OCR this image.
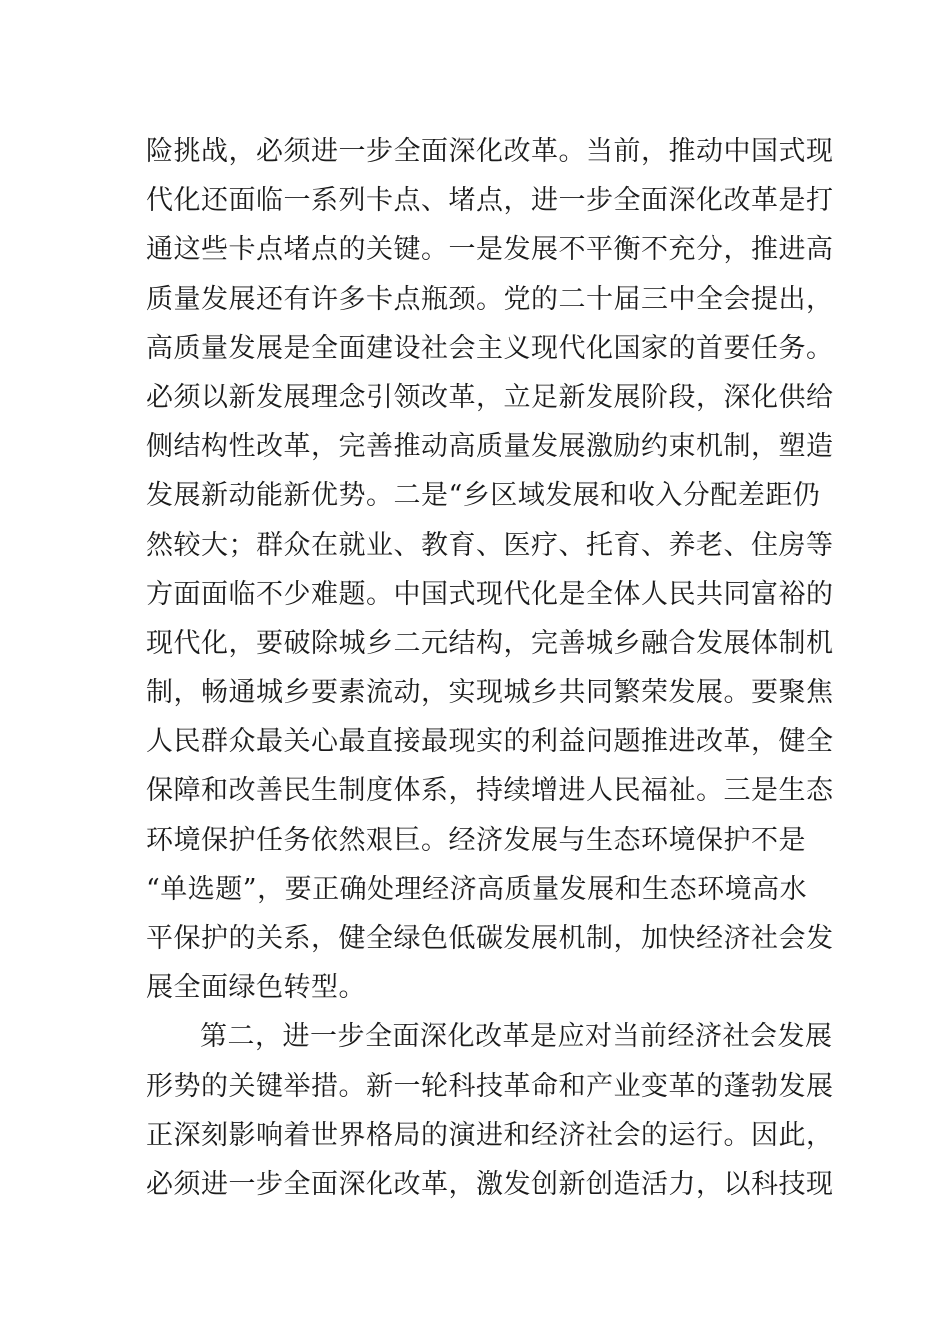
险挑战，必须进一步全面深化改革。当前，推动中国式现
代化还面临一系列卡点、堵点，进一步全面深化改革是打
通这些卡点堵点的关键。一是发展不平衡不充分，推进高
质量发展还有许多卡点瓶颈。党的二十届三中全会提出，
高质量发展是全面建设社会主义现代化国家的首要任务。
必须以新发展理念引领改革，立足新发展阶段，深化供给
侧结构性改革，完善推动高质量发展激励约束机制，塑造
发展新动能新优势。二是“乡区域发展和收入分配差距仍
然较大；群众在就业、教育、医疗、托育、养老、住房等
方面面临不少难题。中国式现代化是全体人民共同富裕的
现代化，要破除城乡二元结构，完善城乡融合发展体制机
制，畅通城乡要素流动，实现城乡共同繁荣发展。要聚焦
人民群众最关心最直接最现实的利益问题推进改革，健全
保障和改善民生制度体系，持续增进人民福祉。三是生态
环境保护任务依然艰巨。经济发展与生态环境保护不是
“单选题”，要正确处理经济高质量发展和生态环境高水
平保护的关系，健全绿色低碳发展机制，加快经济社会发
展全面绿色转型。
第二，进一步全面深化改革是应对当前经济社会发展
形势的关键举措。新一轮科技革命和产业变革的蓬勃发展
正深刻影响着世界格局的演进和经济社会的运行。因此，
必须进一步全面深化改革，激发创新创造活力，以科技现
